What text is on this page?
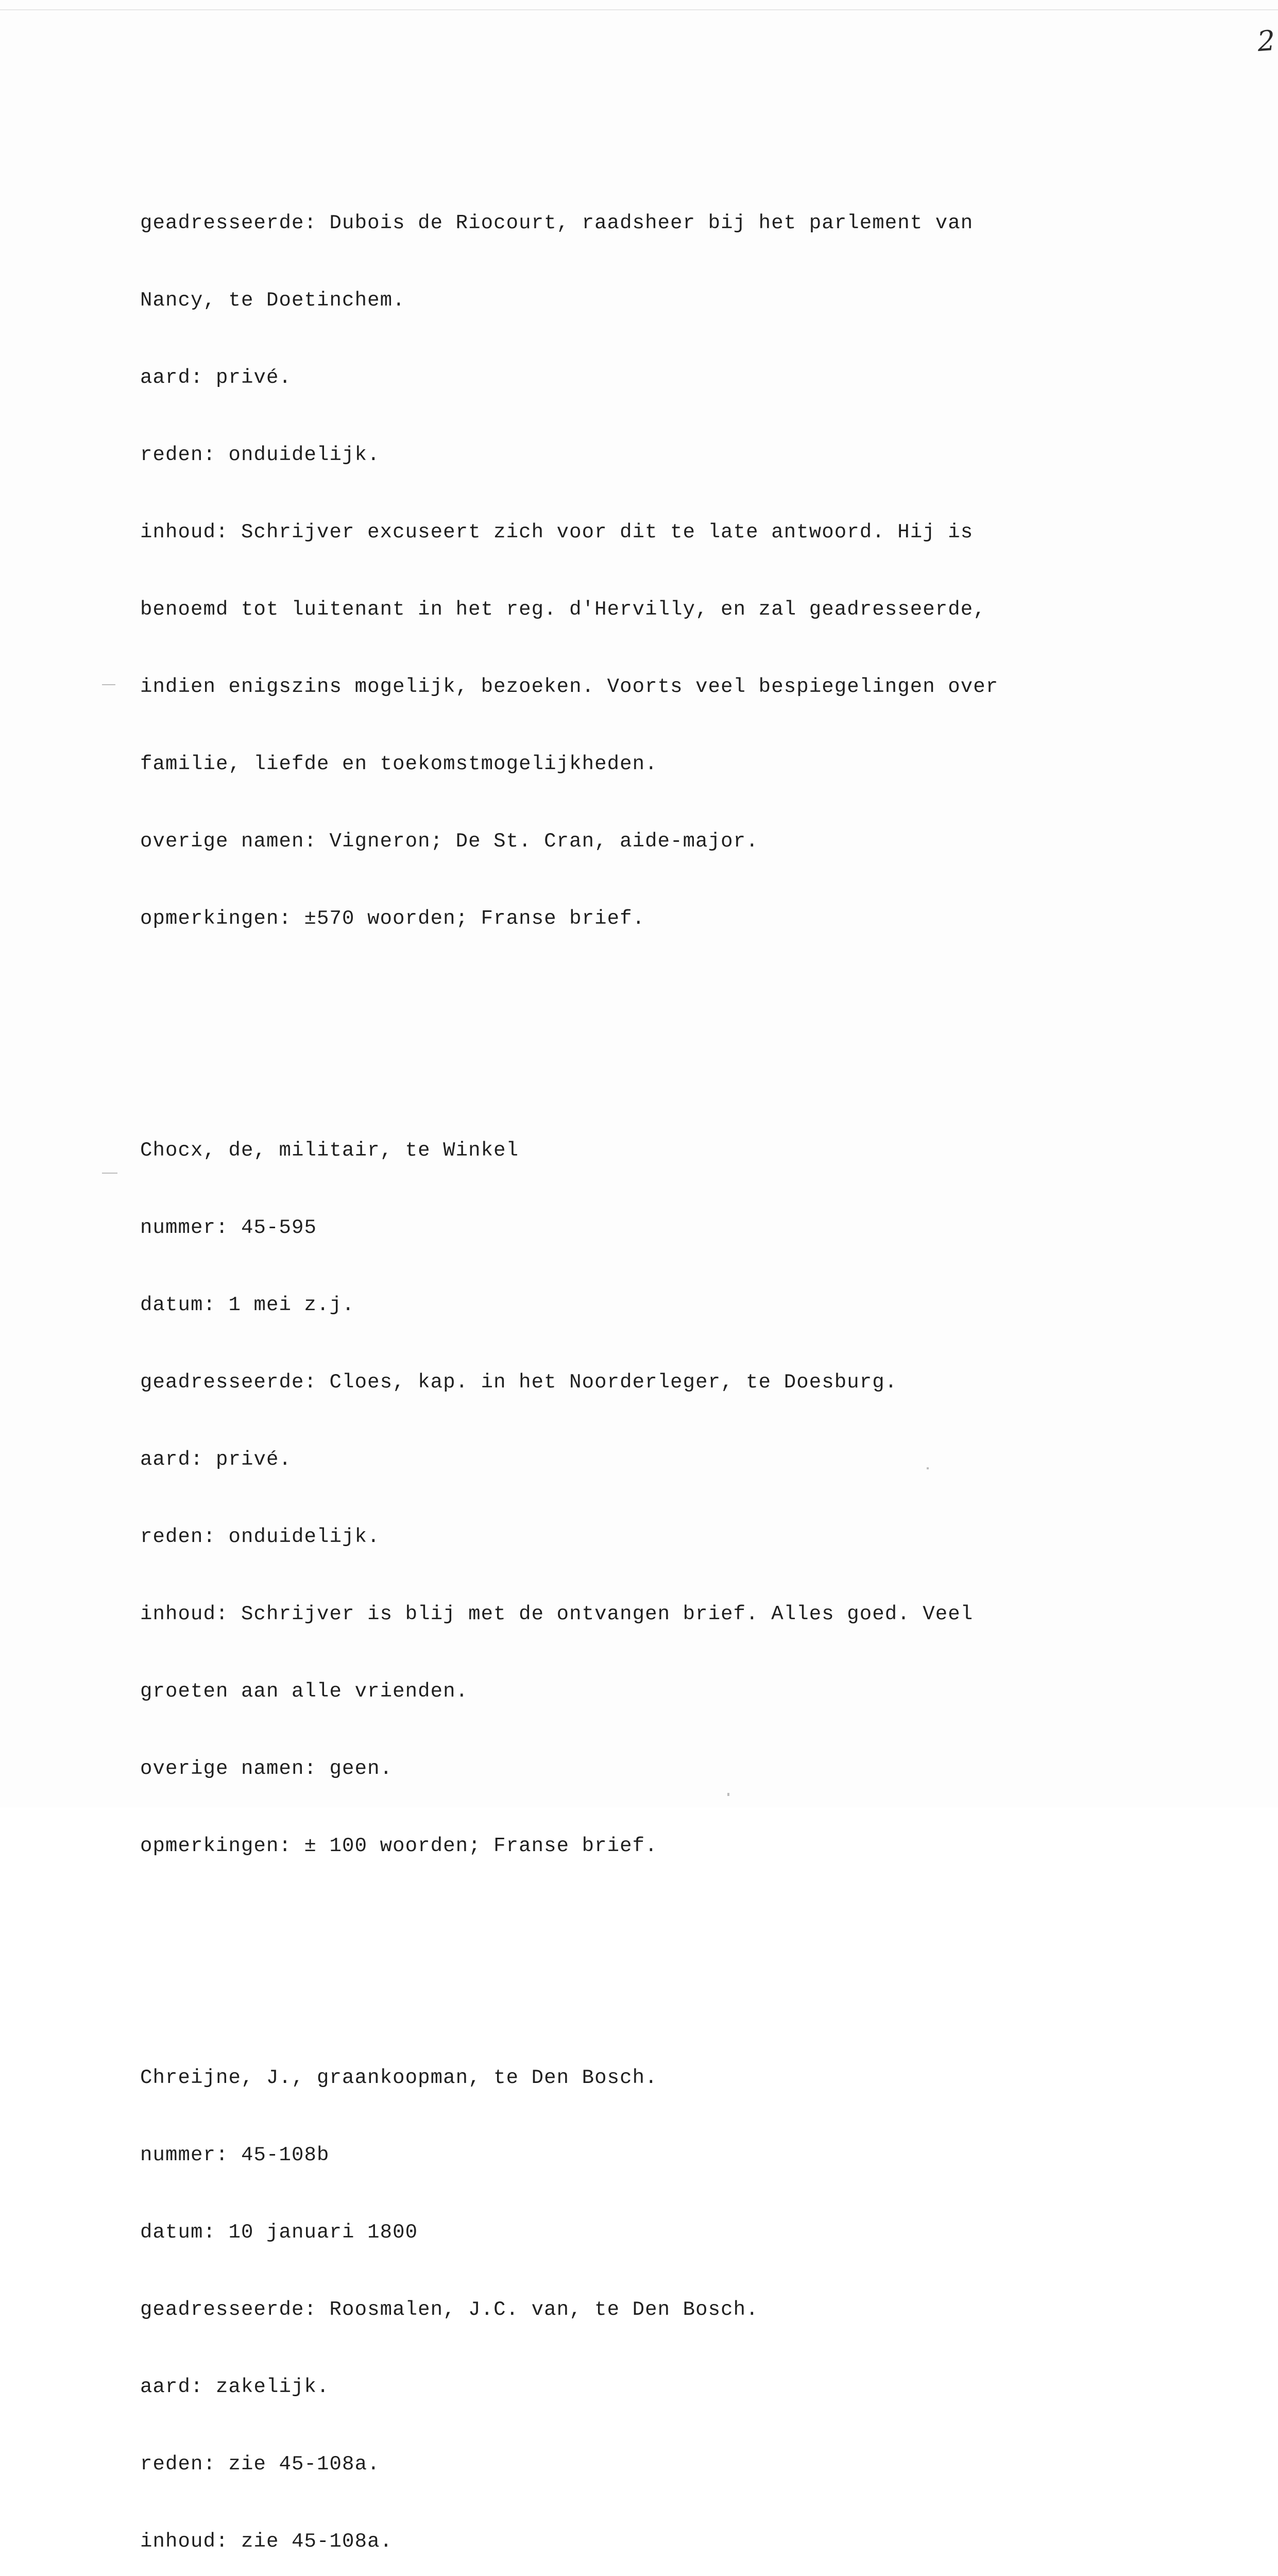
2

geadresseerde: Dubois de Riocourt, raadsheer bij het parlement van

Nancy, te Doetinchem.

aard: privé.

reden: onduidelijk.

inhoud: Schrijver excuseert zich voor dit te late antwoord. Hij is

benoemd tot luitenant in het reg. d'Hervilly, en zal geadresseerde,

indien enigszins mogelijk, bezoeken. Voorts veel bespiegelingen over

familie, liefde en toekomstmogelijkheden.

overige namen: Vigneron; De St. Cran, aide-major.

opmerkingen: ±570 woorden; Franse brief.

Chocx, de, militair, te Winkel

nummer: 45-595

datum: 1 mei z.j.

geadresseerde: Cloes, kap. in het Noorderleger, te Doesburg.

aard: privé.

reden: onduidelijk.

inhoud: Schrijver is blij met de ontvangen brief. Alles goed. Veel

groeten aan alle vrienden.

overige namen: geen.

opmerkingen: ± 100 woorden; Franse brief.

Chreijne, J., graankoopman, te Den Bosch.

nummer: 45-108b

datum: 10 januari 1800

geadresseerde: Roosmalen, J.C. van, te Den Bosch.

aard: zakelijk.

reden: zie 45-108a.

inhoud: zie 45-108a.
